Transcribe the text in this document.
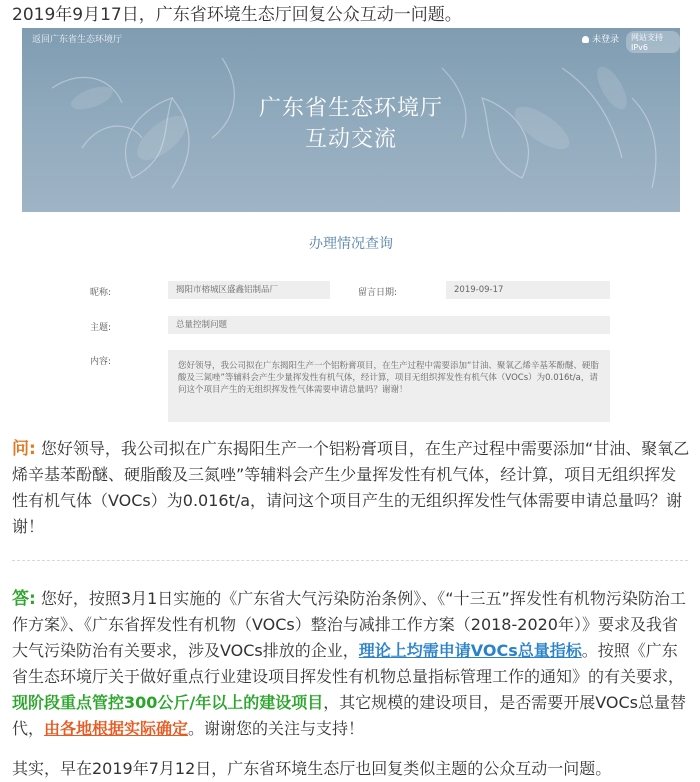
2019年9月17日，广东省环境生态厅回复公众互动一问题。
返回广东省生态环境厅	未登录	网站支持IPv6
广东省生态环境厅
互动交流
办理情况查询
昵称:	揭阳市榕城区盛鑫铝制品厂	留言日期:	2019-09-17
主题:	总量控制问题
内容:	您好领导，我公司拟在广东揭阳生产一个铝粉膏项目，在生产过程中需要添加“甘油、聚氧乙烯辛基苯酚醚、硬脂酸及三氮唑”等辅料会产生少量挥发性有机气体，经计算，项目无组织挥发性有机气体（VOCs）为0.016t/a，请问这个项目产生的无组织挥发性气体需要申请总量吗？谢谢！
问: 您好领导，我公司拟在广东揭阳生产一个铝粉膏项目，在生产过程中需要添加“甘油、聚氧乙烯辛基苯酚醚、硬脂酸及三氮唑”等辅料会产生少量挥发性有机气体，经计算，项目无组织挥发性有机气体（VOCs）为0.016t/a，请问这个项目产生的无组织挥发性气体需要申请总量吗？谢谢！
答: 您好，按照3月1日实施的《广东省大气污染防治条例》、《“十三五”挥发性有机物污染防治工作方案》、《广东省挥发性有机物（VOCs）整治与减排工作方案（2018-2020年）》要求及我省大气污染防治有关要求，涉及VOCs排放的企业，理论上均需申请VOCs总量指标。按照《广东省生态环境厅关于做好重点行业建设项目挥发性有机物总量指标管理工作的通知》的有关要求，现阶段重点管控300公斤/年以上的建设项目，其它规模的建设项目，是否需要开展VOCs总量替代，由各地根据实际确定。谢谢您的关注与支持！
其实，早在2019年7月12日，广东省环境生态厅也回复类似主题的公众互动一问题。
